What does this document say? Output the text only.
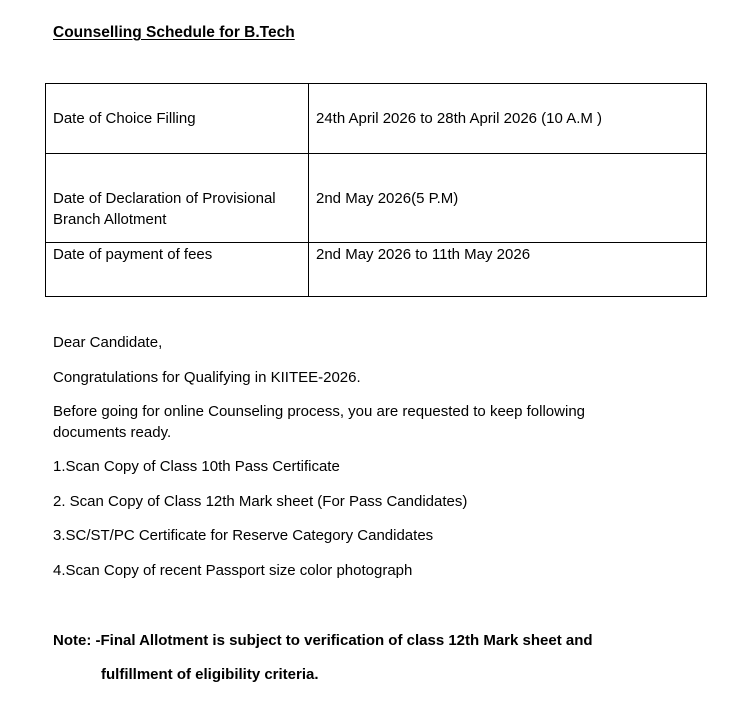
Counselling Schedule for B.Tech
Date of Choice Filling	24th April 2026 to 28th April 2026 (10 A.M )

Date of Declaration of Provisional
Branch Allotment	2nd May 2026(5 P.M)
Date of payment of fees	2nd May 2026 to 11th May 2026
Dear Candidate,
Congratulations for Qualifying in KIITEE-2026.
Before going for online Counseling process, you are requested to keep following
documents ready.
1.Scan Copy of Class 10th Pass Certificate
2. Scan Copy of Class 12th Mark sheet (For Pass Candidates)
3.SC/ST/PC Certificate for Reserve Category Candidates
4.Scan Copy of recent Passport size color photograph
Note: -Final Allotment is subject to verification of class 12th Mark sheet and
fulfillment of eligibility criteria.
